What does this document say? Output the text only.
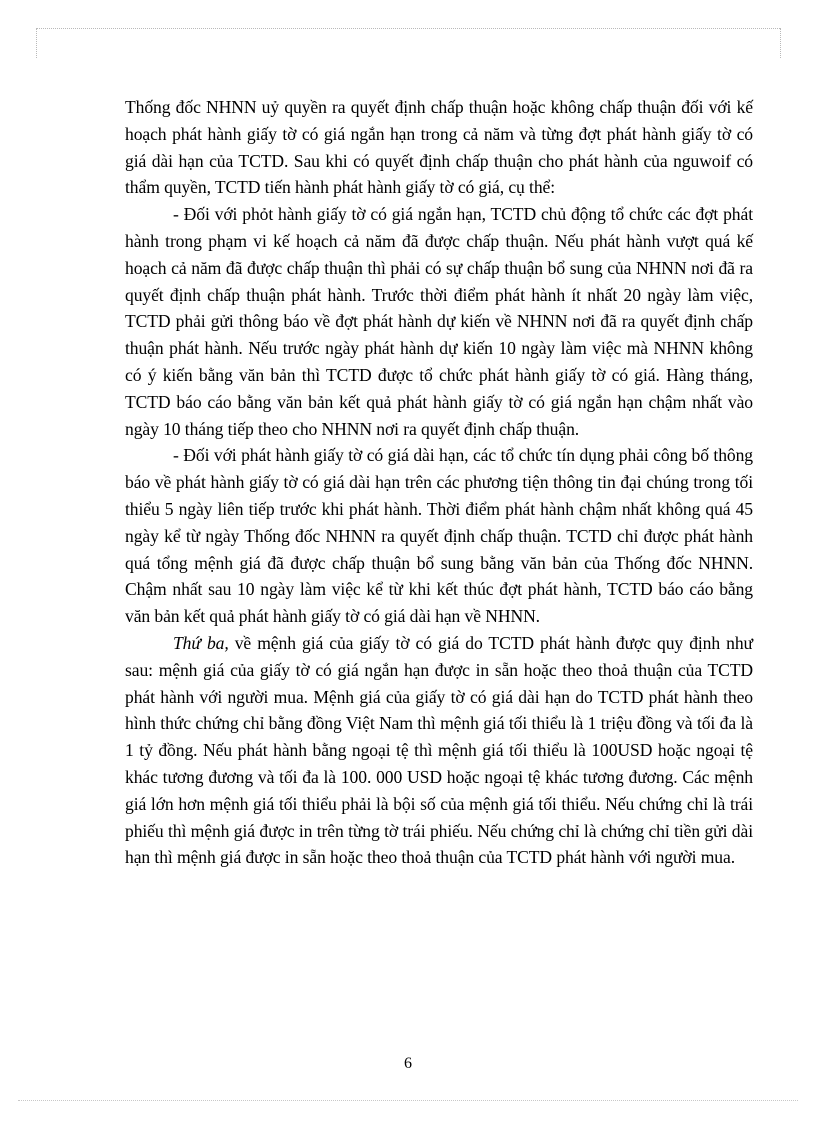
Thống đốc NHNN uỷ quyền ra quyết định chấp thuận hoặc không chấp thuận đối với kế hoạch phát hành giấy tờ có giá ngắn hạn trong cả năm và từng đợt phát hành giấy tờ có giá dài hạn của TCTD. Sau khi có quyết định chấp thuận cho phát hành của nguwoif có thẩm quyền, TCTD tiến hành phát hành giấy tờ có giá, cụ thể:

- Đối với phỏt hành giấy tờ có giá ngắn hạn, TCTD chủ động tổ chức các đợt phát hành trong phạm vi kế hoạch cả năm đã được chấp thuận. Nếu phát hành vượt quá kế hoạch cả năm đã được chấp thuận thì phải có sự chấp thuận bổ sung của NHNN nơi đã ra quyết định chấp thuận phát hành. Trước thời điểm phát hành ít nhất 20 ngày làm việc, TCTD phải gửi thông báo về đợt phát hành dự kiến về NHNN nơi đã ra quyết định chấp thuận phát hành. Nếu trước ngày phát hành dự kiến 10 ngày làm việc mà NHNN không có ý kiến bằng văn bản thì TCTD được tổ chức phát hành giấy tờ có giá. Hàng tháng, TCTD báo cáo bằng văn bản kết quả phát hành giấy tờ có giá ngắn hạn chậm nhất vào ngày 10 tháng tiếp theo cho NHNN nơi ra quyết định chấp thuận.

- Đối với phát hành giấy tờ có giá dài hạn, các tổ chức tín dụng phải công bố thông báo về phát hành giấy tờ có giá dài hạn trên các phương tiện thông tin đại chúng trong tối thiểu 5 ngày liên tiếp trước khi phát hành. Thời điểm phát hành chậm nhất không quá 45 ngày kể từ ngày Thống đốc NHNN ra quyết định chấp thuận. TCTD chỉ được phát hành quá tổng mệnh giá đã được chấp thuận bổ sung bằng văn bản của Thống đốc NHNN. Chậm nhất sau 10 ngày làm việc kể từ khi kết thúc đợt phát hành, TCTD báo cáo bằng văn bản kết quả phát hành giấy tờ có giá dài hạn về NHNN.

Thứ ba, về mệnh giá của giấy tờ có giá do TCTD phát hành được quy định như sau: mệnh giá của giấy tờ có giá ngắn hạn được in sẵn hoặc theo thoả thuận của TCTD phát hành với người mua. Mệnh giá của giấy tờ có giá dài hạn do TCTD phát hành theo hình thức chứng chỉ bằng đồng Việt Nam thì mệnh giá tối thiểu là 1 triệu đồng và tối đa là 1 tỷ đồng. Nếu phát hành bằng ngoại tệ thì mệnh giá tối thiểu là 100USD hoặc ngoại tệ khác tương đương và tối đa là 100. 000 USD hoặc ngoại tệ khác tương đương. Các mệnh giá lớn hơn mệnh giá tối thiểu phải là bội số của mệnh giá tối thiểu. Nếu chứng chỉ là trái phiếu thì mệnh giá được in trên từng tờ trái phiếu. Nếu chứng chỉ là chứng chỉ tiền gửi dài hạn thì mệnh giá được in sẵn hoặc theo thoả thuận của TCTD phát hành với người mua.

6
